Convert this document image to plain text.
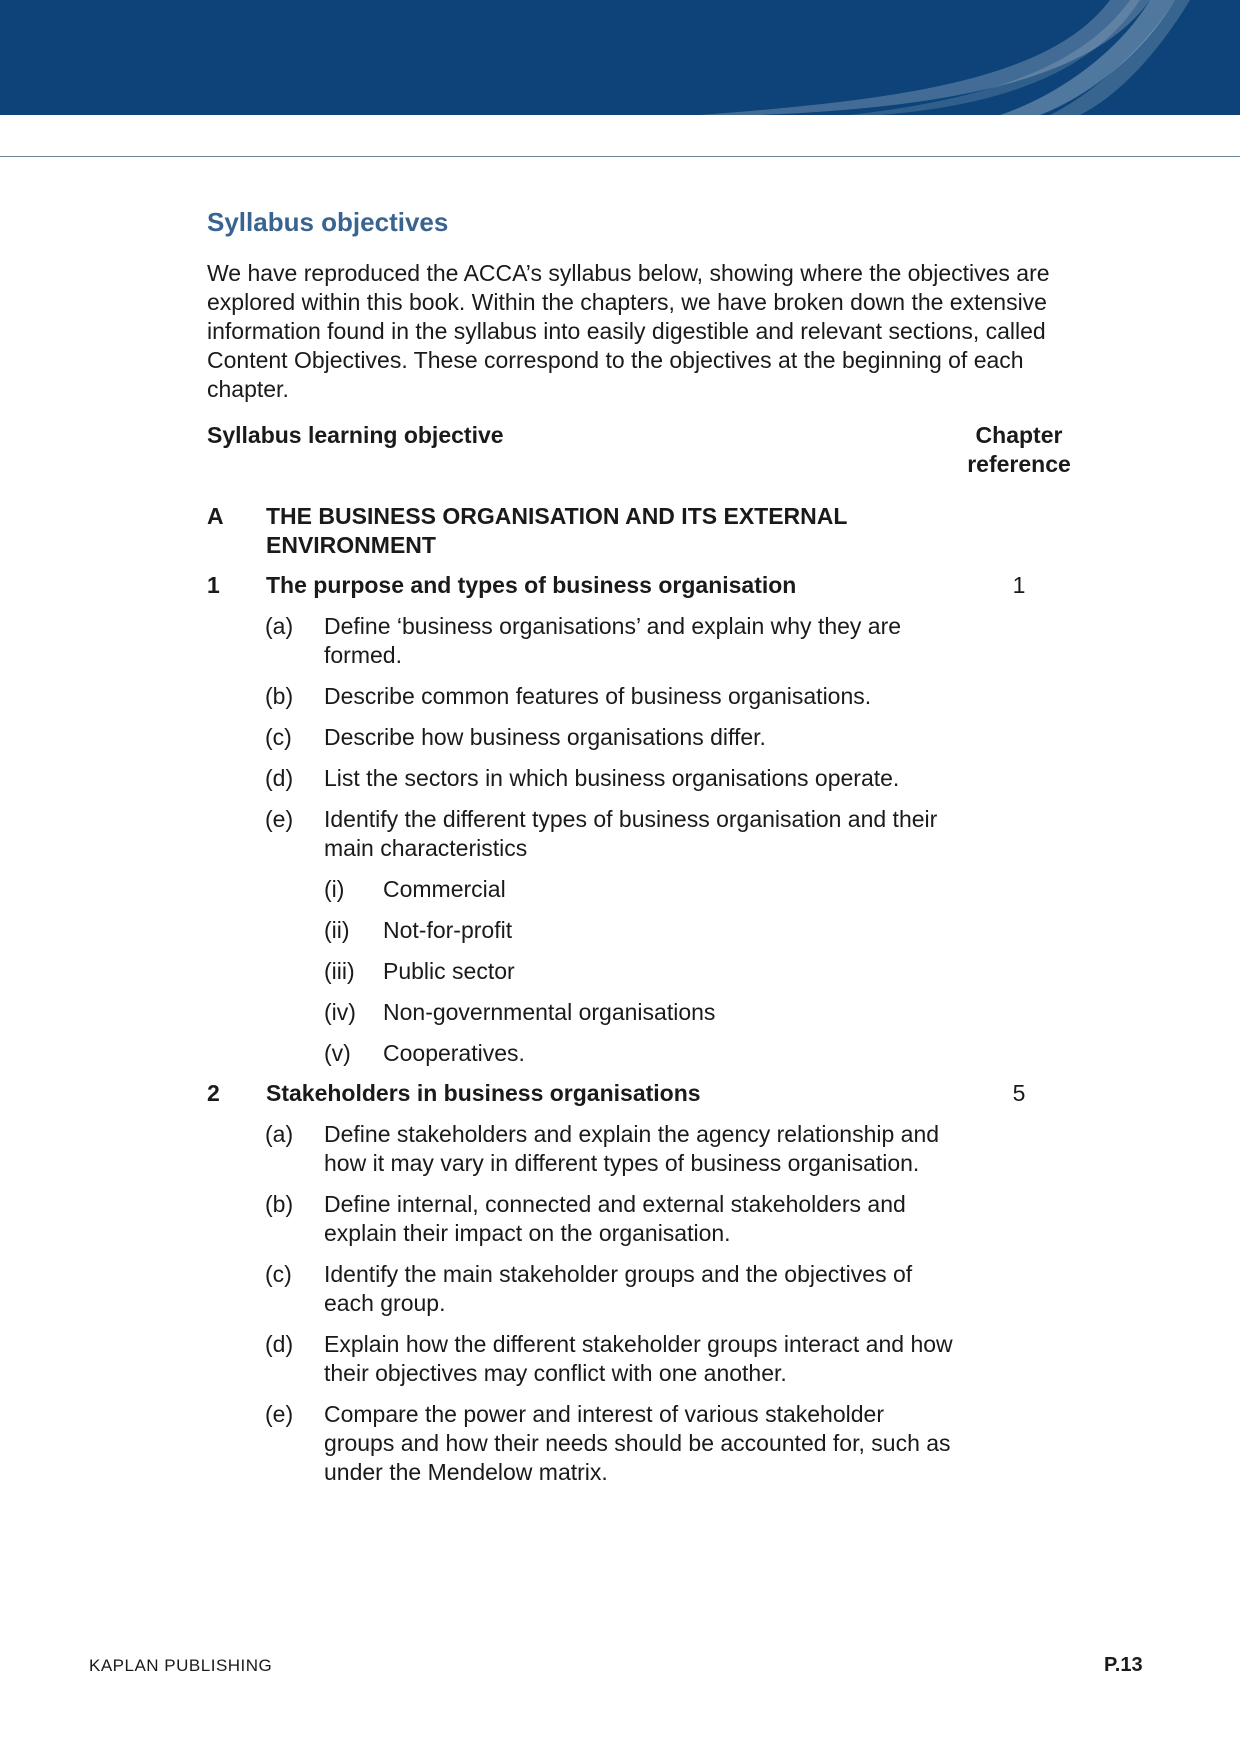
Syllabus objectives

We have reproduced the ACCA’s syllabus below, showing where the objectives are explored within this book. Within the chapters, we have broken down the extensive information found in the syllabus into easily digestible and relevant sections, called Content Objectives. These correspond to the objectives at the beginning of each chapter.

Syllabus learning objective	Chapter
reference
A THE BUSINESS ORGANISATION AND ITS EXTERNAL ENVIRONMENT
1 The purpose and types of business organisation	1
(a) Define ‘business organisations’ and explain why they are formed.
(b) Describe common features of business organisations.
(c) Describe how business organisations differ.
(d) List the sectors in which business organisations operate.
(e) Identify the different types of business organisation and their main characteristics
(i) Commercial
(ii) Not-for-profit
(iii) Public sector
(iv) Non-governmental organisations
(v) Cooperatives.
2 Stakeholders in business organisations	5
(a) Define stakeholders and explain the agency relationship and how it may vary in different types of business organisation.
(b) Define internal, connected and external stakeholders and explain their impact on the organisation.
(c) Identify the main stakeholder groups and the objectives of each group.
(d) Explain how the different stakeholder groups interact and how their objectives may conflict with one another.
(e) Compare the power and interest of various stakeholder groups and how their needs should be accounted for, such as under the Mendelow matrix.
KAPLAN PUBLISHING	P.13
